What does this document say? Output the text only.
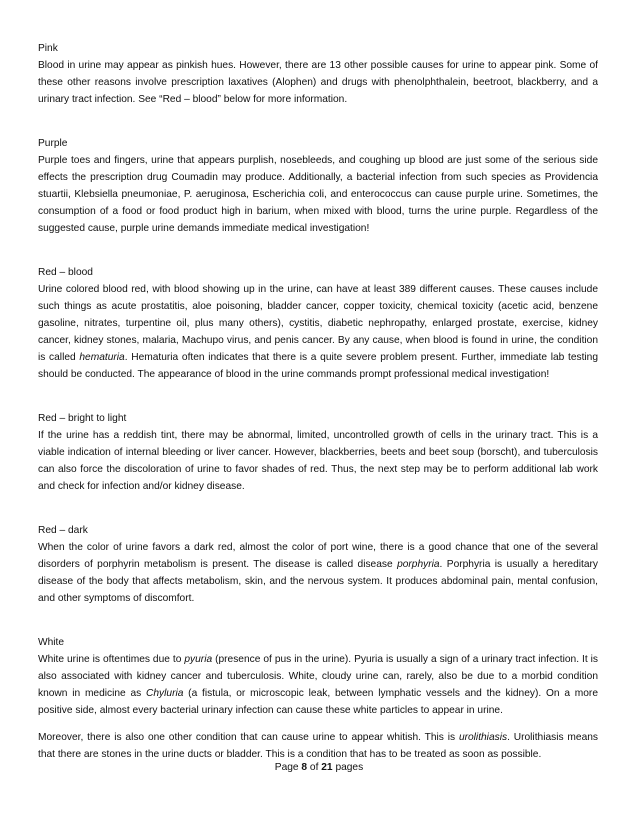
Pink

Blood in urine may appear as pinkish hues. However, there are 13 other possible causes for urine to appear pink. Some of these other reasons involve prescription laxatives (Alophen) and drugs with phenolphthalein, beetroot, blackberry, and a urinary tract infection. See “Red – blood” below for more information.

Purple

Purple toes and fingers, urine that appears purplish, nosebleeds, and coughing up blood are just some of the serious side effects the prescription drug Coumadin may produce. Additionally, a bacterial infection from such species as Providencia stuartii, Klebsiella pneumoniae, P. aeruginosa, Escherichia coli, and enterococcus can cause purple urine. Sometimes, the consumption of a food or food product high in barium, when mixed with blood, turns the urine purple. Regardless of the suggested cause, purple urine demands immediate medical investigation!

Red – blood

Urine colored blood red, with blood showing up in the urine, can have at least 389 different causes. These causes include such things as acute prostatitis, aloe poisoning, bladder cancer, copper toxicity, chemical toxicity (acetic acid, benzene gasoline, nitrates, turpentine oil, plus many others), cystitis, diabetic nephropathy, enlarged prostate, exercise, kidney cancer, kidney stones, malaria, Machupo virus, and penis cancer. By any cause, when blood is found in urine, the condition is called hematuria. Hematuria often indicates that there is a quite severe problem present. Further, immediate lab testing should be conducted. The appearance of blood in the urine commands prompt professional medical investigation!

Red – bright to light

If the urine has a reddish tint, there may be abnormal, limited, uncontrolled growth of cells in the urinary tract. This is a viable indication of internal bleeding or liver cancer. However, blackberries, beets and beet soup (borscht), and tuberculosis can also force the discoloration of urine to favor shades of red. Thus, the next step may be to perform additional lab work and check for infection and/or kidney disease.

Red – dark

When the color of urine favors a dark red, almost the color of port wine, there is a good chance that one of the several disorders of porphyrin metabolism is present. The disease is called disease porphyria. Porphyria is usually a hereditary disease of the body that affects metabolism, skin, and the nervous system. It produces abdominal pain, mental confusion, and other symptoms of discomfort.

White

White urine is oftentimes due to pyuria (presence of pus in the urine). Pyuria is usually a sign of a urinary tract infection. It is also associated with kidney cancer and tuberculosis. White, cloudy urine can, rarely, also be due to a morbid condition known in medicine as Chyluria (a fistula, or microscopic leak, between lymphatic vessels and the kidney). On a more positive side, almost every bacterial urinary infection can cause these white particles to appear in urine.

Moreover, there is also one other condition that can cause urine to appear whitish. This is urolithiasis. Urolithiasis means that there are stones in the urine ducts or bladder. This is a condition that has to be treated as soon as possible.

Page 8 of 21 pages
